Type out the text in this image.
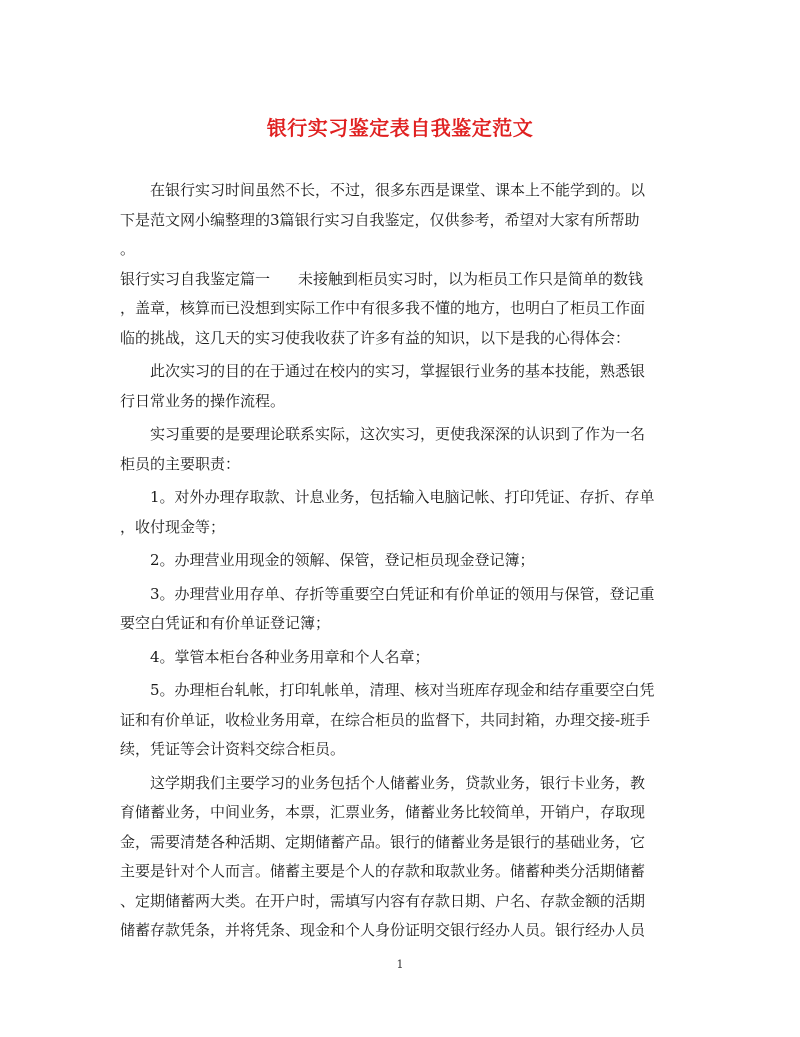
银行实习鉴定表自我鉴定范文
在银行实习时间虽然不长，不过，很多东西是课堂、课本上不能学到的。以
下是范文网小编整理的3篇银行实习自我鉴定，仅供参考，希望对大家有所帮助
。
银行实习自我鉴定篇一 未接触到柜员实习时，以为柜员工作只是简单的数钱
，盖章，核算而已没想到实际工作中有很多我不懂的地方，也明白了柜员工作面
临的挑战，这几天的实习使我收获了许多有益的知识，以下是我的心得体会：
此次实习的目的在于通过在校内的实习，掌握银行业务的基本技能，熟悉银
行日常业务的操作流程。
实习重要的是要理论联系实际，这次实习，更使我深深的认识到了作为一名
柜员的主要职责：
1。对外办理存取款、计息业务，包括输入电脑记帐、打印凭证、存折、存单
，收付现金等；
2。办理营业用现金的领解、保管，登记柜员现金登记簿；
3。办理营业用存单、存折等重要空白凭证和有价单证的领用与保管，登记重
要空白凭证和有价单证登记簿；
4。掌管本柜台各种业务用章和个人名章；
5。办理柜台轧帐，打印轧帐单，清理、核对当班库存现金和结存重要空白凭
证和有价单证，收检业务用章，在综合柜员的监督下，共同封箱，办理交接-班手
续，凭证等会计资料交综合柜员。
这学期我们主要学习的业务包括个人储蓄业务，贷款业务，银行卡业务，教
育储蓄业务，中间业务，本票，汇票业务，储蓄业务比较简单，开销户，存取现
金，需要清楚各种活期、定期储蓄产品。银行的储蓄业务是银行的基础业务，它
主要是针对个人而言。储蓄主要是个人的存款和取款业务。储蓄种类分活期储蓄
、定期储蓄两大类。在开户时，需填写内容有存款日期、户名、存款金额的活期
储蓄存款凭条，并将凭条、现金和个人身份证明交银行经办人员。银行经办人员
1
